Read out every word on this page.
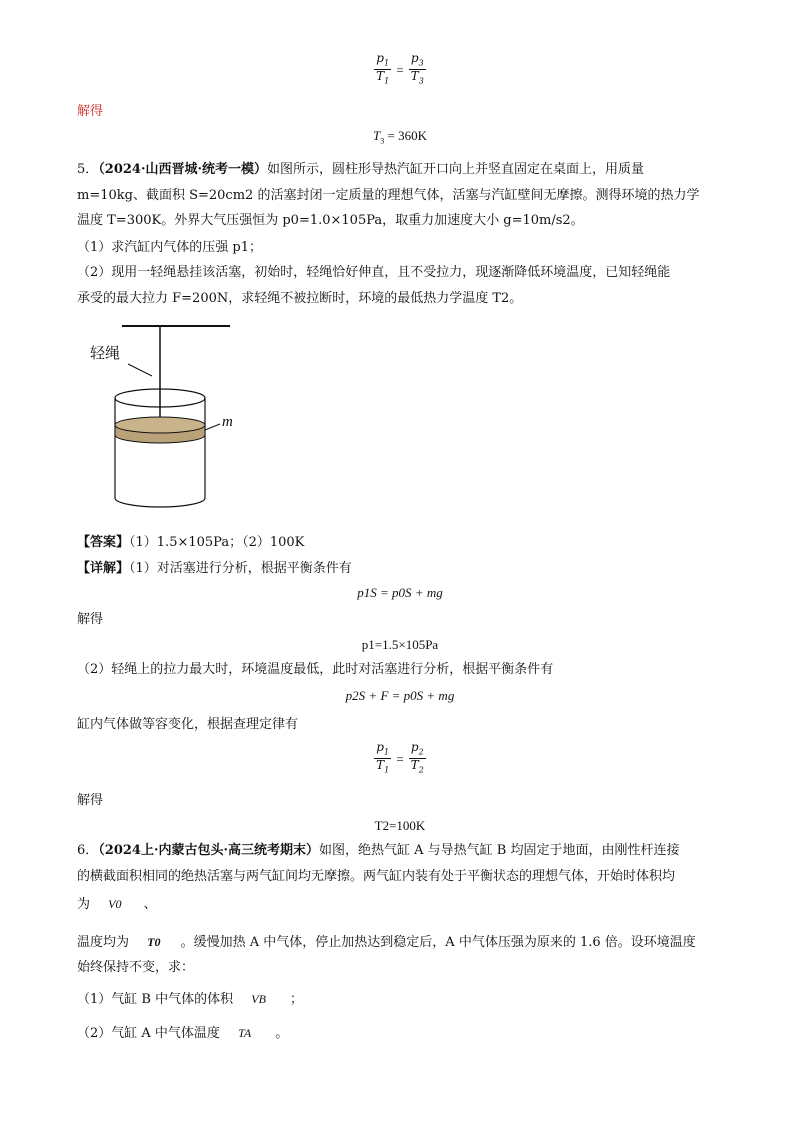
$\frac{p_1}{T_1} = \frac{p_3}{T_3}$
解得
$T_3 = 360K$
5．（2024·山西晋城·统考一模）如图所示，圆柱形导热汽缸开口向上并竖直固定在桌面上，用质量
m=10kg、截面积 S=20cm2 的活塞封闭一定质量的理想气体，活塞与汽缸壁间无摩擦。测得环境的热力学
温度 T=300K。外界大气压强恒为 p0=1.0×105Pa，取重力加速度大小 g=10m/s2。
（1）求汽缸内气体的压强 p1；
（2）现用一轻绳悬挂该活塞，初始时，轻绳恰好伸直，且不受拉力，现逐渐降低环境温度，已知轻绳能
承受的最大拉力 F=200N，求轻绳不被拉断时，环境的最低热力学温度 T2。
轻绳
m
【答案】（1）1.5×105Pa；（2）100K
【详解】（1）对活塞进行分析，根据平衡条件有
p1S = p0S + mg
解得
p1=1.5×105Pa
（2）轻绳上的拉力最大时，环境温度最低，此时对活塞进行分析，根据平衡条件有
p2S + F = p0S + mg
缸内气体做等容变化，根据查理定律有
$\frac{p_1}{T_1} = \frac{p_2}{T_2}$
解得
T2=100K
6．（2024上·内蒙古包头·高三统考期末）如图，绝热气缸 A 与导热气缸 B 均固定于地面，由刚性杆连接
的横截面积相同的绝热活塞与两气缸间均无摩擦。两气缸内装有处于平衡状态的理想气体，开始时体积均
为 V0 、
温度均为 T0 。缓慢加热 A 中气体，停止加热达到稳定后，A 中气体压强为原来的 1.6 倍。设环境温度
始终保持不变，求：
（1）气缸 B 中气体的体积 VB ；
（2）气缸 A 中气体温度 TA 。
